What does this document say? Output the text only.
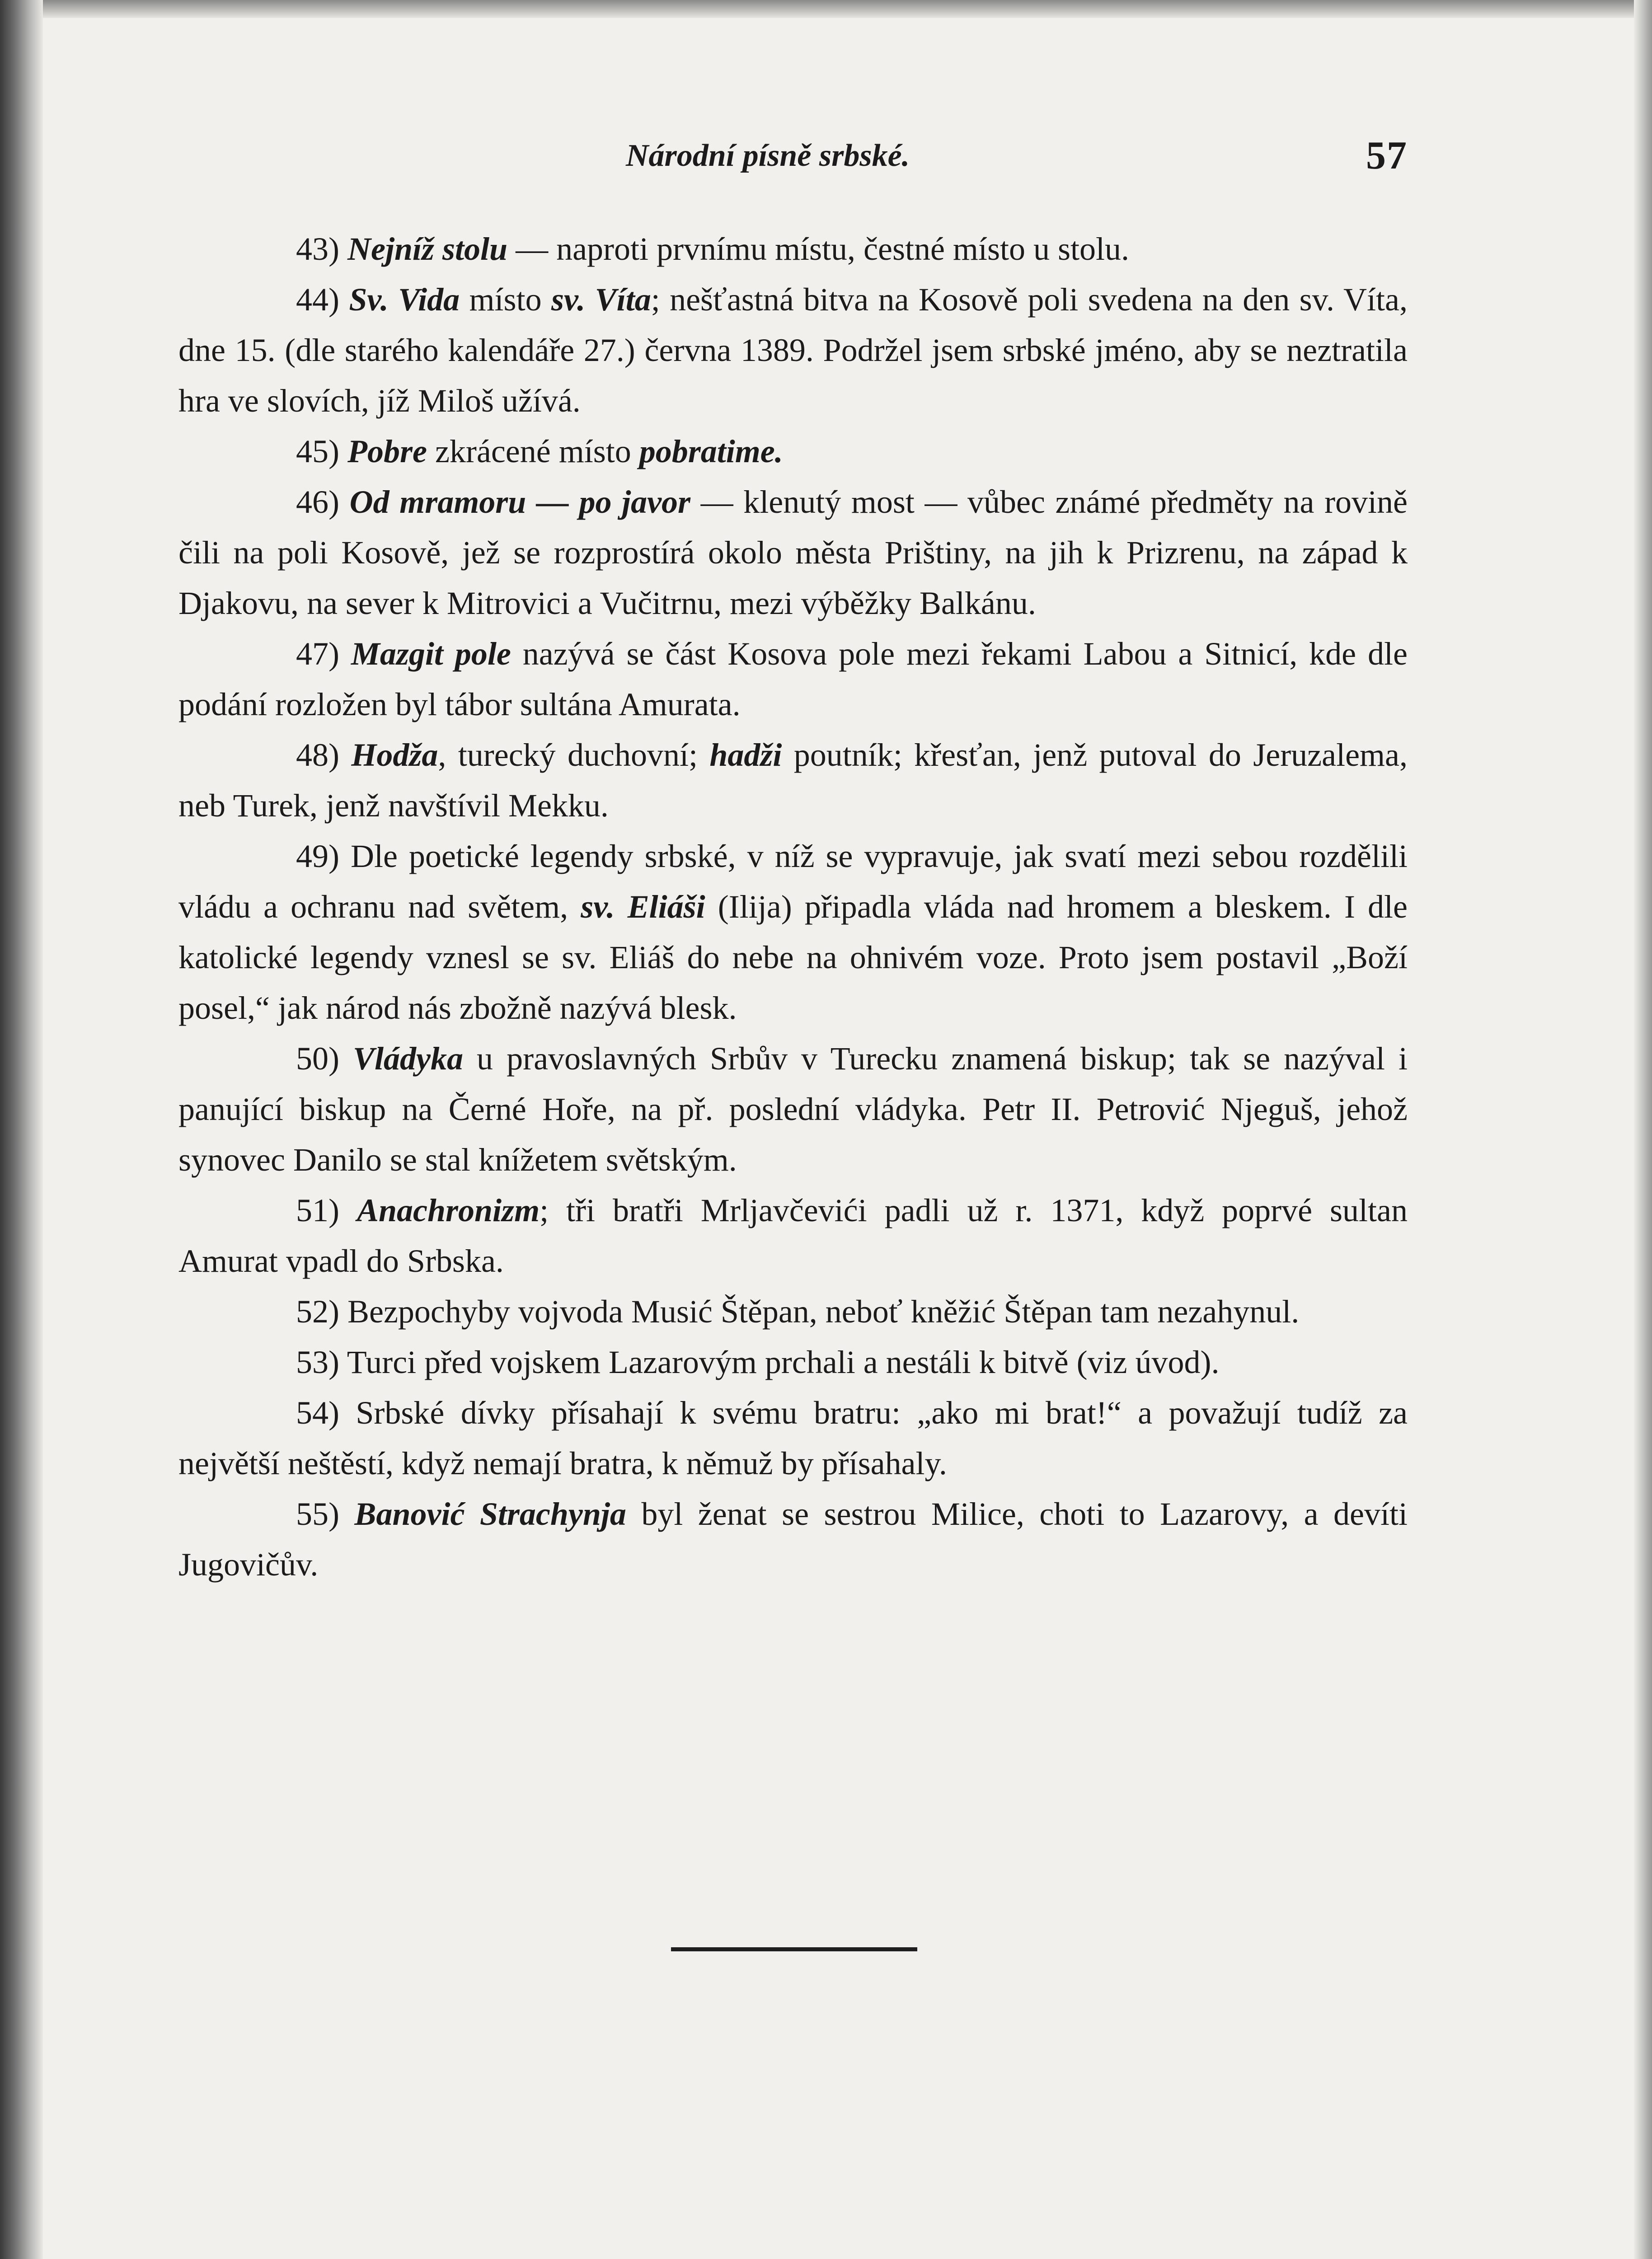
Národní písně srbské.	57

43) Nejníž stolu — naproti prvnímu místu, čestné místo u stolu.

44) Sv. Vida místo sv. Víta; nešťastná bitva na Kosově poli svedena na den sv. Víta, dne 15. (dle starého kalendáře 27.) června 1389. Podržel jsem srbské jméno, aby se neztratila hra ve slovích, jíž Miloš užívá.

45) Pobre zkrácené místo pobratime.

46) Od mramoru — po javor — klenutý most — vůbec známé předměty na rovině čili na poli Kosově, jež se rozprostírá okolo města Prištiny, na jih k Prizrenu, na západ k Djakovu, na sever k Mitrovici a Vučitrnu, mezi výběžky Balkánu.

47) Mazgit pole nazývá se část Kosova pole mezi řekami Labou a Sitnicí, kde dle podání rozložen byl tábor sultána Amurata.

48) Hodža, turecký duchovní; hadži poutník; křesťan, jenž putoval do Jeruzalema, neb Turek, jenž navštívil Mekku.

49) Dle poetické legendy srbské, v níž se vypravuje, jak svatí mezi sebou rozdělili vládu a ochranu nad světem, sv. Eliáši (Ilija) připadla vláda nad hromem a bleskem. I dle katolické legendy vznesl se sv. Eliáš do nebe na ohnivém voze. Proto jsem postavil „Boží posel,“ jak národ nás zbožně nazývá blesk.

50) Vládyka u pravoslavných Srbův v Turecku znamená biskup; tak se nazýval i panující biskup na Černé Hoře, na př. poslední vládyka. Petr II. Petrović Njeguš, jehož synovec Danilo se stal knížetem světským.

51) Anachronizm; tři bratři Mrljavčevići padli už r. 1371, když poprvé sultan Amurat vpadl do Srbska.

52) Bezpochyby vojvoda Musić Štěpan, neboť kněžić Štěpan tam nezahynul.

53) Turci před vojskem Lazarovým prchali a nestáli k bitvě (viz úvod).

54) Srbské dívky přísahají k svému bratru: „ako mi brat!“ a považují tudíž za největší neštěstí, když nemají bratra, k němuž by přísahaly.

55) Banović Strachynja byl ženat se sestrou Milice, choti to Lazarovy, a devíti Jugovičův.
